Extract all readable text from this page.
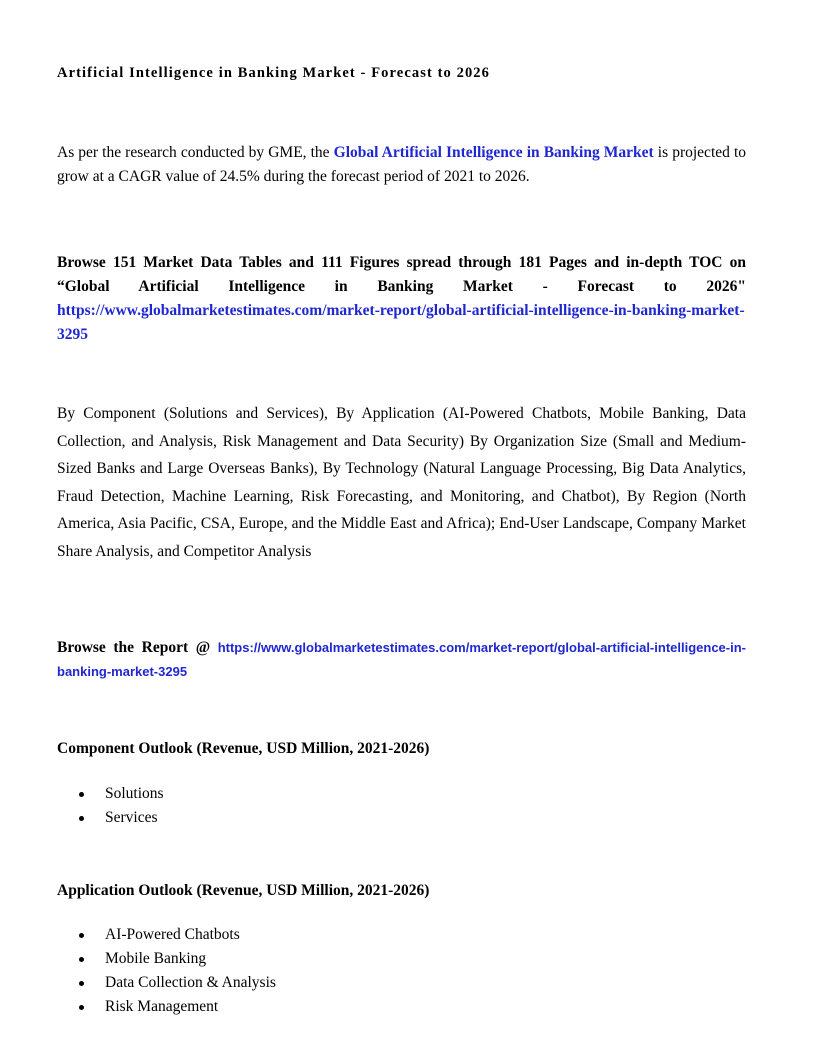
Artificial Intelligence in Banking Market - Forecast to 2026

As per the research conducted by GME, the Global Artificial Intelligence in Banking Market is projected to grow at a CAGR value of 24.5% during the forecast period of 2021 to 2026.

Browse 151 Market Data Tables and 111 Figures spread through 181 Pages and in-depth TOC on “Global Artificial Intelligence in Banking Market - Forecast to 2026" https://www.globalmarketestimates.com/market-report/global-artificial-intelligence-in-banking-market-3295

By Component (Solutions and Services), By Application (AI-Powered Chatbots, Mobile Banking, Data Collection, and Analysis, Risk Management and Data Security) By Organization Size (Small and Medium-Sized Banks and Large Overseas Banks), By Technology (Natural Language Processing, Big Data Analytics, Fraud Detection, Machine Learning, Risk Forecasting, and Monitoring, and Chatbot), By Region (North America, Asia Pacific, CSA, Europe, and the Middle East and Africa); End-User Landscape, Company Market Share Analysis, and Competitor Analysis

Browse the Report @ https://www.globalmarketestimates.com/market-report/global-artificial-intelligence-in-banking-market-3295

Component Outlook (Revenue, USD Million, 2021-2026)
Solutions
Services
Application Outlook (Revenue, USD Million, 2021-2026)
AI-Powered Chatbots
Mobile Banking
Data Collection & Analysis
Risk Management
